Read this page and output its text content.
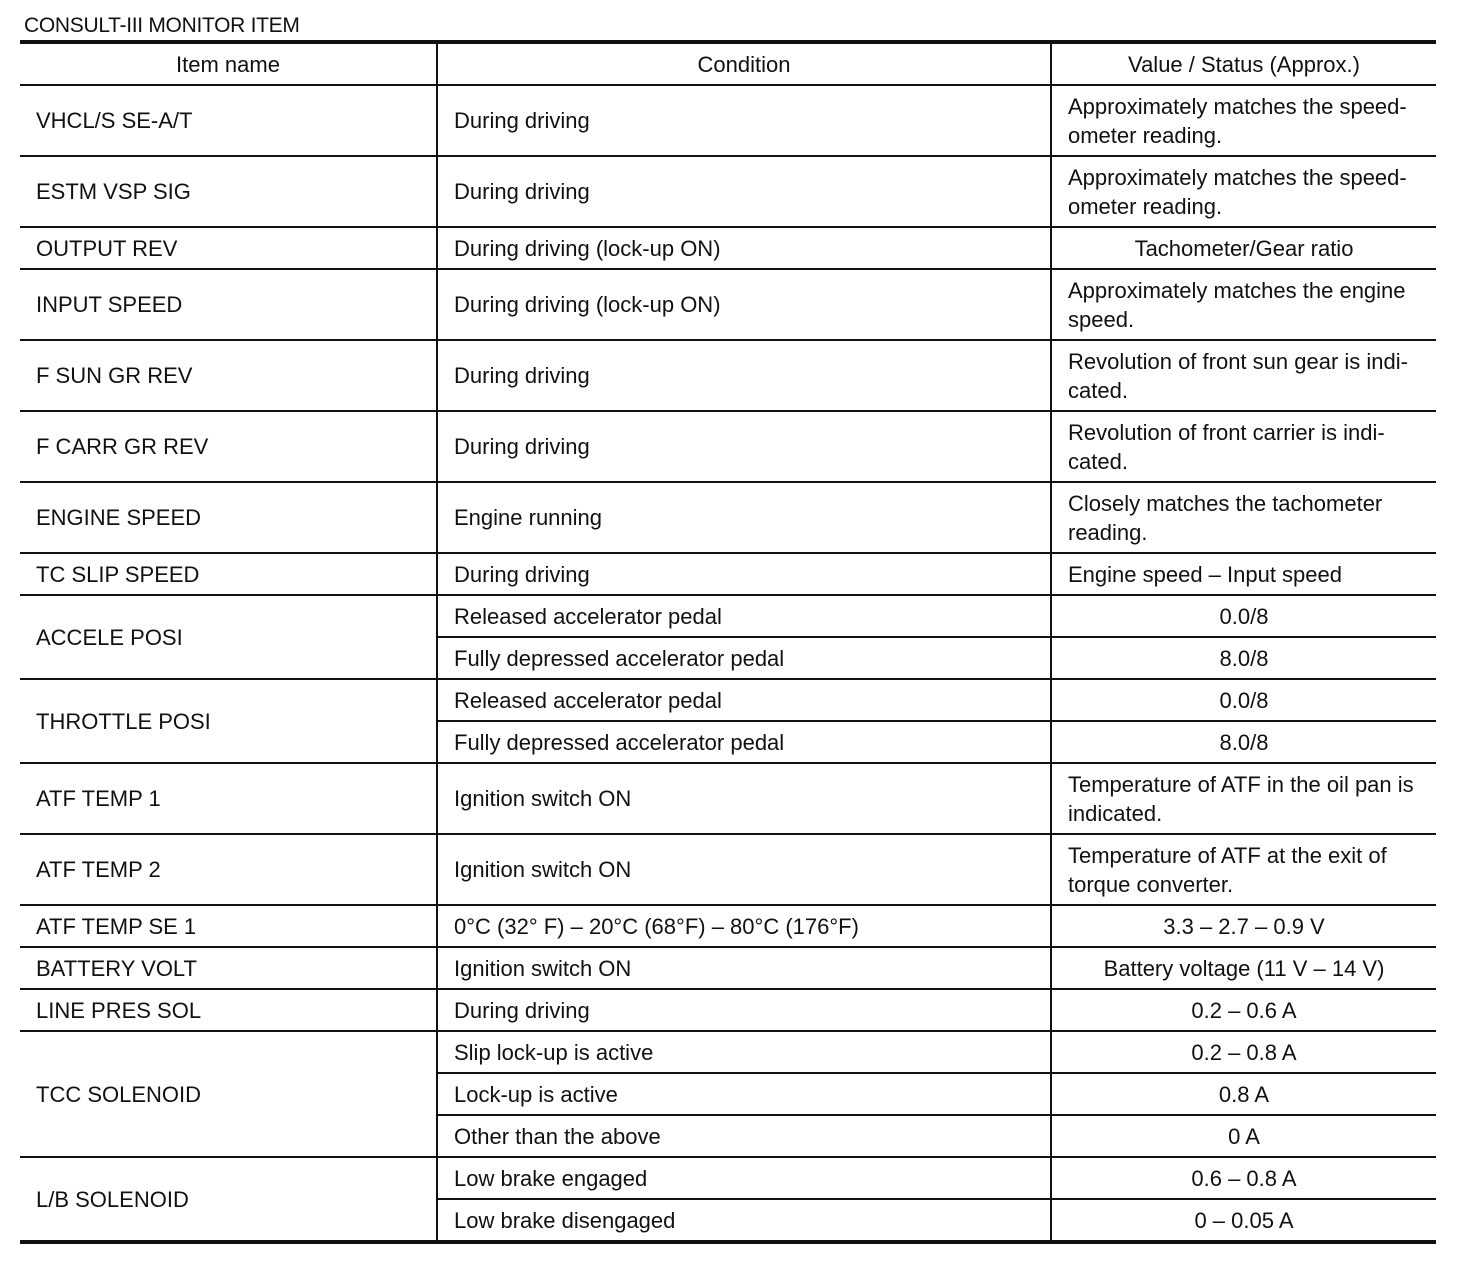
CONSULT-III MONITOR ITEM
Item name	Condition	Value / Status (Approx.)
VHCL/S SE-A/T	During driving	Approximately matches the speed-ometer reading.
ESTM VSP SIG	During driving	Approximately matches the speed-ometer reading.
OUTPUT REV	During driving (lock-up ON)	Tachometer/Gear ratio
INPUT SPEED	During driving (lock-up ON)	Approximately matches the engine speed.
F SUN GR REV	During driving	Revolution of front sun gear is indi-cated.
F CARR GR REV	During driving	Revolution of front carrier is indi-cated.
ENGINE SPEED	Engine running	Closely matches the tachometer reading.
TC SLIP SPEED	During driving	Engine speed – Input speed
ACCELE POSI	Released accelerator pedal	0.0/8
	Fully depressed accelerator pedal	8.0/8
THROTTLE POSI	Released accelerator pedal	0.0/8
	Fully depressed accelerator pedal	8.0/8
ATF TEMP 1	Ignition switch ON	Temperature of ATF in the oil pan is indicated.
ATF TEMP 2	Ignition switch ON	Temperature of ATF at the exit of torque converter.
ATF TEMP SE 1	0°C (32° F) – 20°C (68°F) – 80°C (176°F)	3.3 – 2.7 – 0.9 V
BATTERY VOLT	Ignition switch ON	Battery voltage (11 V – 14 V)
LINE PRES SOL	During driving	0.2 – 0.6 A
TCC SOLENOID	Slip lock-up is active	0.2 – 0.8 A
	Lock-up is active	0.8 A
	Other than the above	0 A
L/B SOLENOID	Low brake engaged	0.6 – 0.8 A
	Low brake disengaged	0 – 0.05 A
